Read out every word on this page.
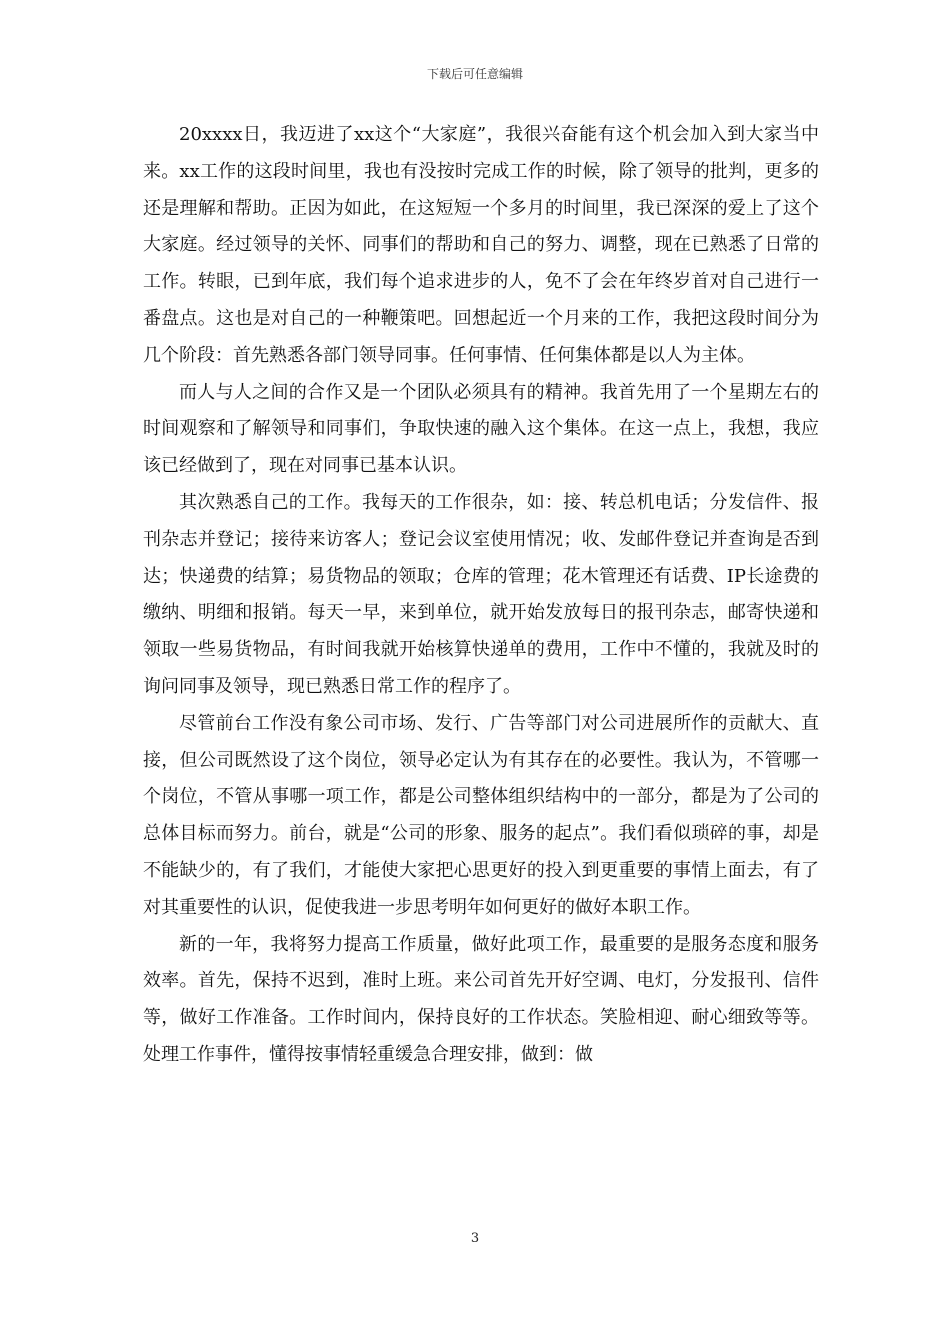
下载后可任意编辑

20xxxx日，我迈进了xx这个“大家庭”，我很兴奋能有这个机会加入到大家当中来。xx工作的这段时间里，我也有没按时完成工作的时候，除了领导的批判，更多的还是理解和帮助。正因为如此，在这短短一个多月的时间里，我已深深的爱上了这个大家庭。经过领导的关怀、同事们的帮助和自己的努力、调整，现在已熟悉了日常的工作。转眼，已到年底，我们每个追求进步的人，免不了会在年终岁首对自己进行一番盘点。这也是对自己的一种鞭策吧。回想起近一个月来的工作，我把这段时间分为几个阶段：首先熟悉各部门领导同事。任何事情、任何集体都是以人为主体。

而人与人之间的合作又是一个团队必须具有的精神。我首先用了一个星期左右的时间观察和了解领导和同事们，争取快速的融入这个集体。在这一点上，我想，我应该已经做到了，现在对同事已基本认识。

其次熟悉自己的工作。我每天的工作很杂，如：接、转总机电话；分发信件、报刊杂志并登记；接待来访客人；登记会议室使用情况；收、发邮件登记并查询是否到达；快递费的结算；易货物品的领取；仓库的管理；花木管理还有话费、IP长途费的缴纳、明细和报销。每天一早，来到单位，就开始发放每日的报刊杂志，邮寄快递和领取一些易货物品，有时间我就开始核算快递单的费用，工作中不懂的，我就及时的询问同事及领导，现已熟悉日常工作的程序了。

尽管前台工作没有象公司市场、发行、广告等部门对公司进展所作的贡献大、直接，但公司既然设了这个岗位，领导必定认为有其存在的必要性。我认为，不管哪一个岗位，不管从事哪一项工作，都是公司整体组织结构中的一部分，都是为了公司的总体目标而努力。前台，就是“公司的形象、服务的起点”。我们看似琐碎的事，却是不能缺少的，有了我们，才能使大家把心思更好的投入到更重要的事情上面去，有了对其重要性的认识，促使我进一步思考明年如何更好的做好本职工作。

新的一年，我将努力提高工作质量，做好此项工作，最重要的是服务态度和服务效率。首先，保持不迟到，准时上班。来公司首先开好空调、电灯，分发报刊、信件等，做好工作准备。工作时间内，保持良好的工作状态。笑脸相迎、耐心细致等等。处理工作事件，懂得按事情轻重缓急合理安排，做到：做

3
